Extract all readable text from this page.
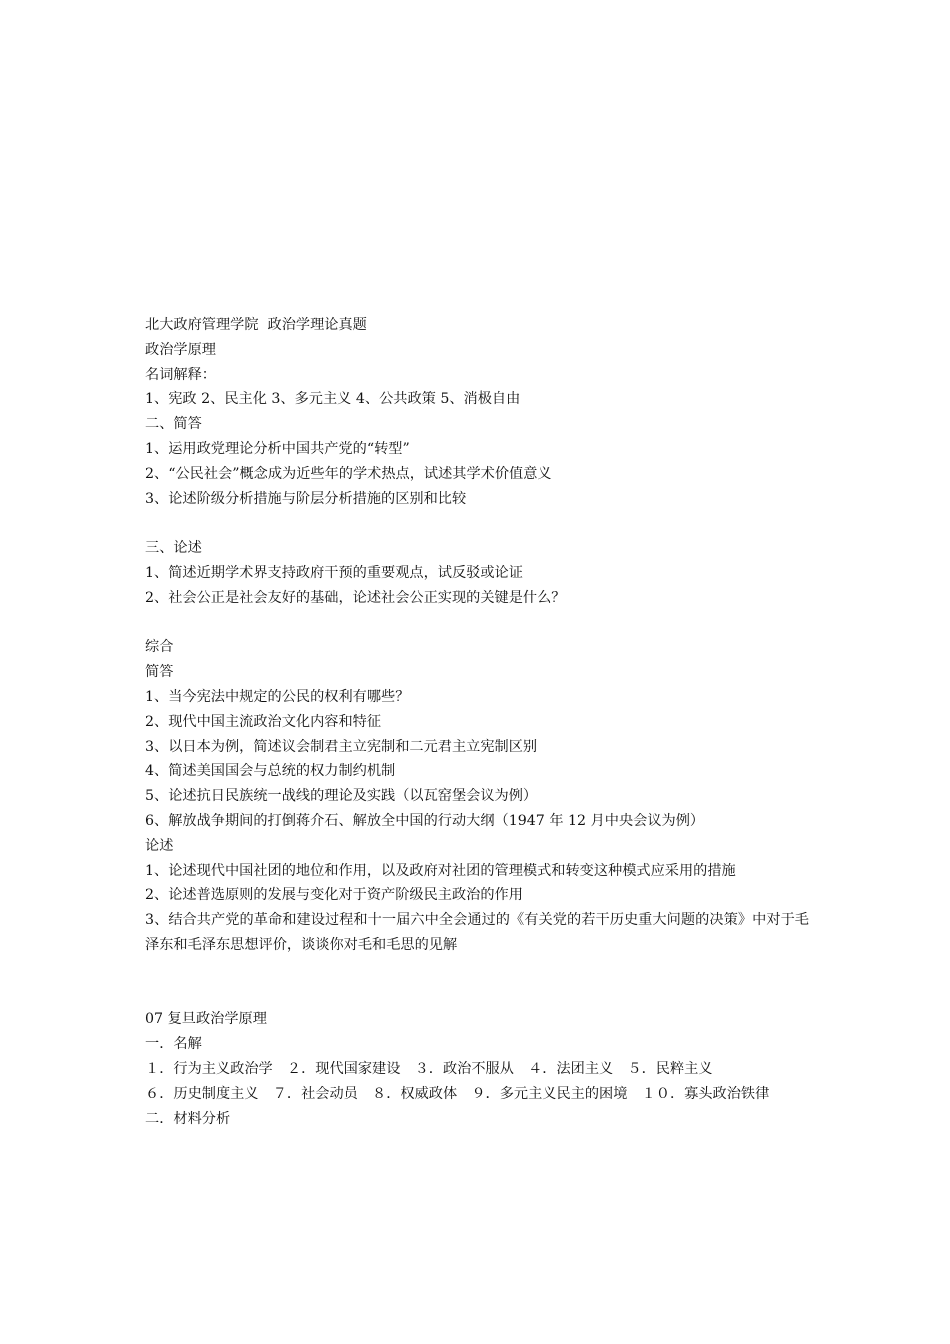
北大政府管理学院  政治学理论真题
政治学原理
名词解释：
1、宪政 2、民主化 3、多元主义 4、公共政策 5、消极自由
二、简答
1、运用政党理论分析中国共产党的“转型”
2、“公民社会”概念成为近些年的学术热点，试述其学术价值意义
3、论述阶级分析措施与阶层分析措施的区别和比较
三、论述
1、简述近期学术界支持政府干预的重要观点，试反驳或论证
2、社会公正是社会友好的基础，论述社会公正实现的关键是什么？
综合
简答
1、当今宪法中规定的公民的权利有哪些？
2、现代中国主流政治文化内容和特征
3、以日本为例，简述议会制君主立宪制和二元君主立宪制区别
4、简述美国国会与总统的权力制约机制
5、论述抗日民族统一战线的理论及实践（以瓦窑堡会议为例）
6、解放战争期间的打倒蒋介石、解放全中国的行动大纲（1947 年 12 月中央会议为例）
论述
1、论述现代中国社团的地位和作用，以及政府对社团的管理模式和转变这种模式应采用的措施
2、论述普选原则的发展与变化对于资产阶级民主政治的作用
3、结合共产党的革命和建设过程和十一届六中全会通过的《有关党的若干历史重大问题的决策》中对于毛泽东和毛泽东思想评价，谈谈你对毛和毛思的见解
07 复旦政治学原理
一．名解
１．行为主义政治学　２．现代国家建设　３．政治不服从　４．法团主义　５．民粹主义
６．历史制度主义　７．社会动员　８．权威政体　９．多元主义民主的困境　１０．寡头政治铁律
二．材料分析
